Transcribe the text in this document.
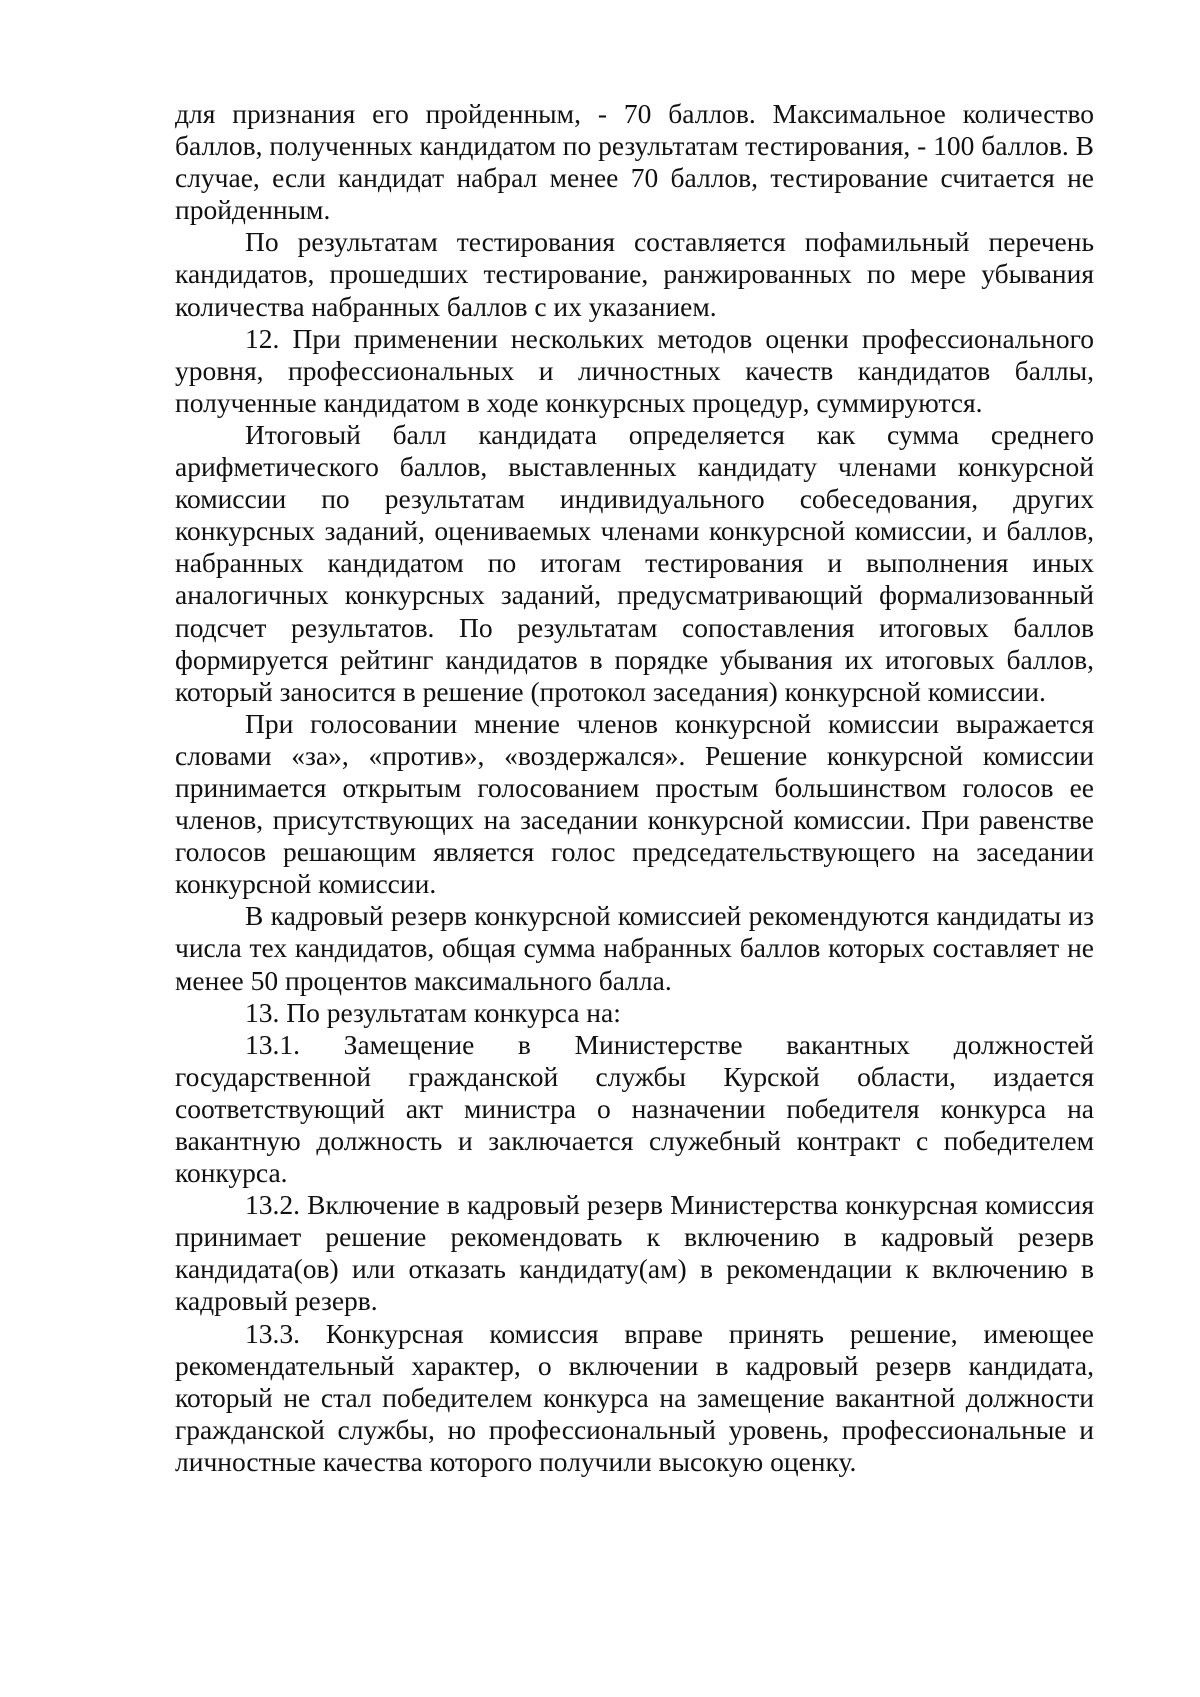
для признания его пройденным, - 70 баллов. Максимальное количество баллов, полученных кандидатом по результатам тестирования, - 100 баллов. В случае, если кандидат набрал менее 70 баллов, тестирование считается не пройденным.

По результатам тестирования составляется пофамильный перечень кандидатов, прошедших тестирование, ранжированных по мере убывания количества набранных баллов с их указанием.

12. При применении нескольких методов оценки профессионального уровня, профессиональных и личностных качеств кандидатов баллы, полученные кандидатом в ходе конкурсных процедур, суммируются.

Итоговый балл кандидата определяется как сумма среднего арифметического баллов, выставленных кандидату членами конкурсной комиссии по результатам индивидуального собеседования, других конкурсных заданий, оцениваемых членами конкурсной комиссии, и баллов, набранных кандидатом по итогам тестирования и выполнения иных аналогичных конкурсных заданий, предусматривающий формализованный подсчет результатов. По результатам сопоставления итоговых баллов формируется рейтинг кандидатов в порядке убывания их итоговых баллов, который заносится в решение (протокол заседания) конкурсной комиссии.

При голосовании мнение членов конкурсной комиссии выражается словами «за», «против», «воздержался». Решение конкурсной комиссии принимается открытым голосованием простым большинством голосов ее членов, присутствующих на заседании конкурсной комиссии. При равенстве голосов решающим является голос председательствующего на заседании конкурсной комиссии.

В кадровый резерв конкурсной комиссией рекомендуются кандидаты из числа тех кандидатов, общая сумма набранных баллов которых составляет не менее 50 процентов максимального балла.

13. По результатам конкурса на:

13.1. Замещение в Министерстве вакантных должностей государственной гражданской службы Курской области, издается соответствующий акт министра о назначении победителя конкурса на вакантную должность и заключается служебный контракт с победителем конкурса.

13.2. Включение в кадровый резерв Министерства конкурсная комиссия принимает решение рекомендовать к включению в кадровый резерв кандидата(ов) или отказать кандидату(ам) в рекомендации к включению в кадровый резерв.

13.3. Конкурсная комиссия вправе принять решение, имеющее рекомендательный характер, о включении в кадровый резерв кандидата, который не стал победителем конкурса на замещение вакантной должности гражданской службы, но профессиональный уровень, профессиональные и личностные качества которого получили высокую оценку.
